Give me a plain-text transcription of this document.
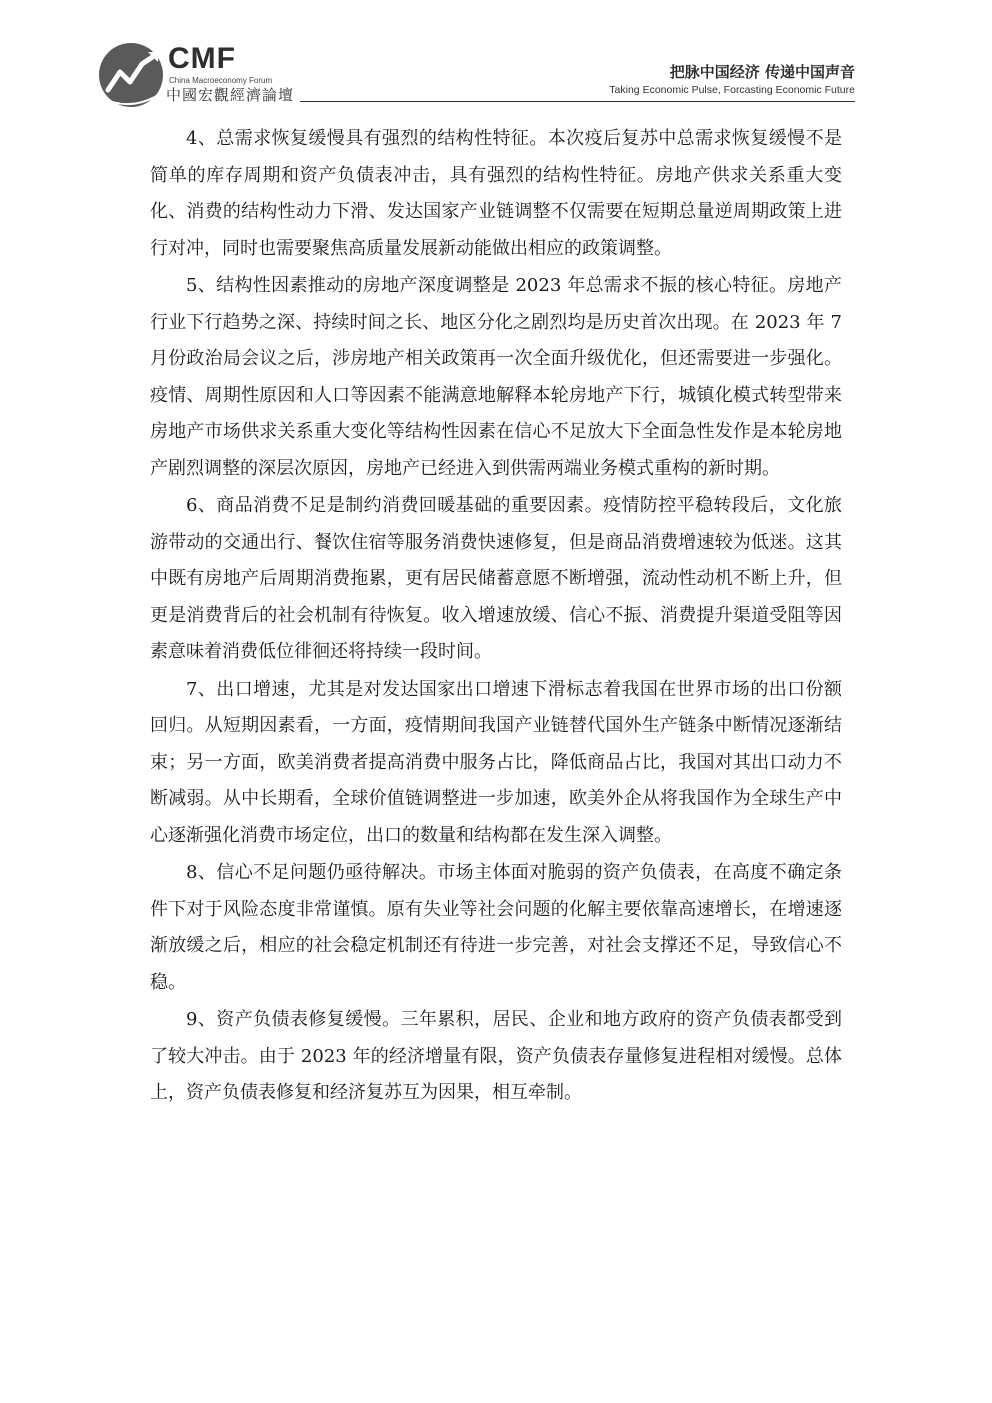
CMF
China Macroeconomy Forum
中國宏觀經濟論壇
把脉中国经济 传递中国声音
Taking Economic Pulse, Forcasting Economic Future

4、总需求恢复缓慢具有强烈的结构性特征。本次疫后复苏中总需求恢复缓慢不是简单的库存周期和资产负债表冲击，具有强烈的结构性特征。房地产供求关系重大变化、消费的结构性动力下滑、发达国家产业链调整不仅需要在短期总量逆周期政策上进行对冲，同时也需要聚焦高质量发展新动能做出相应的政策调整。

5、结构性因素推动的房地产深度调整是 2023 年总需求不振的核心特征。房地产行业下行趋势之深、持续时间之长、地区分化之剧烈均是历史首次出现。在 2023 年 7 月份政治局会议之后，涉房地产相关政策再一次全面升级优化，但还需要进一步强化。疫情、周期性原因和人口等因素不能满意地解释本轮房地产下行，城镇化模式转型带来房地产市场供求关系重大变化等结构性因素在信心不足放大下全面急性发作是本轮房地产剧烈调整的深层次原因，房地产已经进入到供需两端业务模式重构的新时期。

6、商品消费不足是制约消费回暖基础的重要因素。疫情防控平稳转段后，文化旅游带动的交通出行、餐饮住宿等服务消费快速修复，但是商品消费增速较为低迷。这其中既有房地产后周期消费拖累，更有居民储蓄意愿不断增强，流动性动机不断上升，但更是消费背后的社会机制有待恢复。收入增速放缓、信心不振、消费提升渠道受阻等因素意味着消费低位徘徊还将持续一段时间。

7、出口增速，尤其是对发达国家出口增速下滑标志着我国在世界市场的出口份额回归。从短期因素看，一方面，疫情期间我国产业链替代国外生产链条中断情况逐渐结束；另一方面，欧美消费者提高消费中服务占比，降低商品占比，我国对其出口动力不断减弱。从中长期看，全球价值链调整进一步加速，欧美外企从将我国作为全球生产中心逐渐强化消费市场定位，出口的数量和结构都在发生深入调整。

8、信心不足问题仍亟待解决。市场主体面对脆弱的资产负债表，在高度不确定条件下对于风险态度非常谨慎。原有失业等社会问题的化解主要依靠高速增长，在增速逐渐放缓之后，相应的社会稳定机制还有待进一步完善，对社会支撑还不足，导致信心不稳。

9、资产负债表修复缓慢。三年累积，居民、企业和地方政府的资产负债表都受到了较大冲击。由于 2023 年的经济增量有限，资产负债表存量修复进程相对缓慢。总体上，资产负债表修复和经济复苏互为因果，相互牵制。
